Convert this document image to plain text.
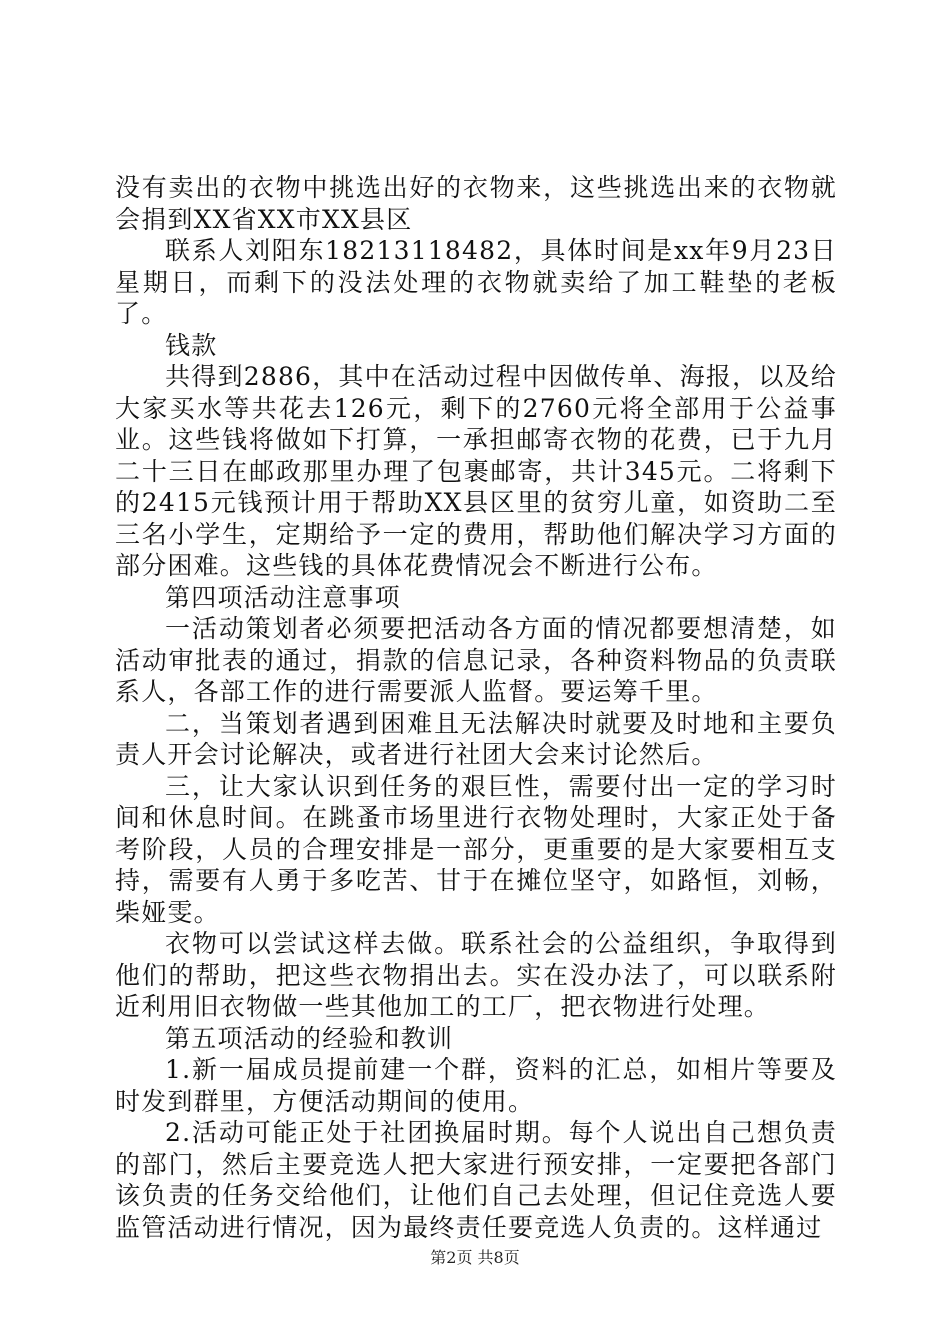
没有卖出的衣物中挑选出好的衣物来，这些挑选出来的衣物就会捐到XX省XX市XX县区

联系人刘阳东18213118482，具体时间是xx年9月23日星期日，而剩下的没法处理的衣物就卖给了加工鞋垫的老板了。

钱款

共得到2886，其中在活动过程中因做传单、海报，以及给大家买水等共花去126元，剩下的2760元将全部用于公益事业。这些钱将做如下打算，一承担邮寄衣物的花费，已于九月二十三日在邮政那里办理了包裹邮寄，共计345元。二将剩下的2415元钱预计用于帮助XX县区里的贫穷儿童，如资助二至三名小学生，定期给予一定的费用，帮助他们解决学习方面的部分困难。这些钱的具体花费情况会不断进行公布。

第四项活动注意事项

一活动策划者必须要把活动各方面的情况都要想清楚，如活动审批表的通过，捐款的信息记录，各种资料物品的负责联系人，各部工作的进行需要派人监督。要运筹千里。

二，当策划者遇到困难且无法解决时就要及时地和主要负责人开会讨论解决，或者进行社团大会来讨论然后。

三，让大家认识到任务的艰巨性，需要付出一定的学习时间和休息时间。在跳蚤市场里进行衣物处理时，大家正处于备考阶段，人员的合理安排是一部分，更重要的是大家要相互支持，需要有人勇于多吃苦、甘于在摊位坚守，如路恒，刘畅，柴娅雯。

衣物可以尝试这样去做。联系社会的公益组织，争取得到他们的帮助，把这些衣物捐出去。实在没办法了，可以联系附近利用旧衣物做一些其他加工的工厂，把衣物进行处理。

第五项活动的经验和教训

1.新一届成员提前建一个群，资料的汇总，如相片等要及时发到群里，方便活动期间的使用。

2.活动可能正处于社团换届时期。每个人说出自己想负责的部门，然后主要竞选人把大家进行预安排，一定要把各部门该负责的任务交给他们，让他们自己去处理，但记住竞选人要监管活动进行情况，因为最终责任要竞选人负责的。这样通过

第2页 共8页
